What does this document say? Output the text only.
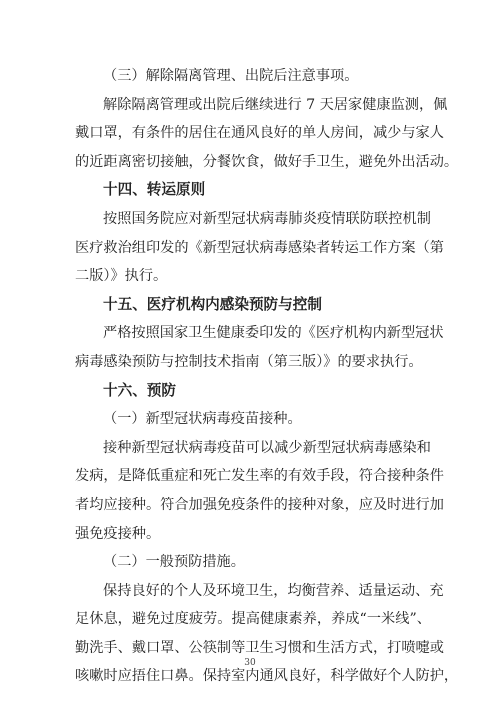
（三）解除隔离管理、出院后注意事项。
解除隔离管理或出院后继续进行 7 天居家健康监测，佩
戴口罩，有条件的居住在通风良好的单人房间，减少与家人
的近距离密切接触，分餐饮食，做好手卫生，避免外出活动。
十四、转运原则
按照国务院应对新型冠状病毒肺炎疫情联防联控机制
医疗救治组印发的《新型冠状病毒感染者转运工作方案（第
二版）》执行。
十五、医疗机构内感染预防与控制
严格按照国家卫生健康委印发的《医疗机构内新型冠状
病毒感染预防与控制技术指南（第三版）》的要求执行。
十六、预防
（一）新型冠状病毒疫苗接种。
接种新型冠状病毒疫苗可以减少新型冠状病毒感染和
发病，是降低重症和死亡发生率的有效手段，符合接种条件
者均应接种。符合加强免疫条件的接种对象，应及时进行加
强免疫接种。
（二）一般预防措施。
保持良好的个人及环境卫生，均衡营养、适量运动、充
足休息，避免过度疲劳。提高健康素养，养成“一米线”、
勤洗手、戴口罩、公筷制等卫生习惯和生活方式，打喷嚏或
咳嗽时应捂住口鼻。保持室内通风良好，科学做好个人防护，
30
